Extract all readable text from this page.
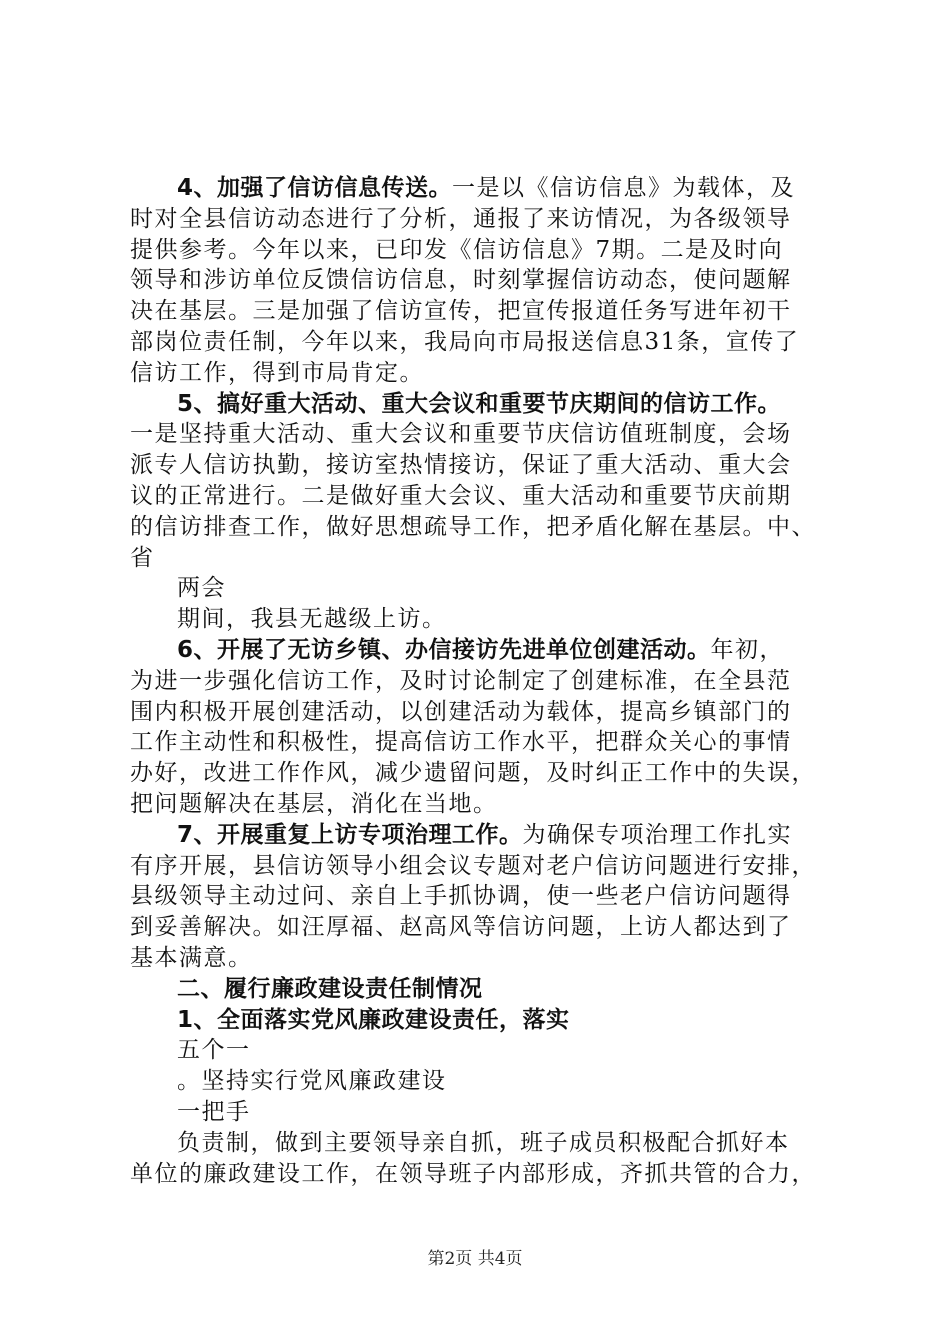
4、加强了信访信息传送。一是以《信访信息》为载体，及
时对全县信访动态进行了分析，通报了来访情况，为各级领导
提供参考。今年以来，已印发《信访信息》7期。二是及时向
领导和涉访单位反馈信访信息，时刻掌握信访动态，使问题解
决在基层。三是加强了信访宣传，把宣传报道任务写进年初干
部岗位责任制，今年以来，我局向市局报送信息31条，宣传了
信访工作，得到市局肯定。
5、搞好重大活动、重大会议和重要节庆期间的信访工作。
一是坚持重大活动、重大会议和重要节庆信访值班制度，会场
派专人信访执勤，接访室热情接访，保证了重大活动、重大会
议的正常进行。二是做好重大会议、重大活动和重要节庆前期
的信访排查工作，做好思想疏导工作，把矛盾化解在基层。中、
省
两会
期间，我县无越级上访。
6、开展了无访乡镇、办信接访先进单位创建活动。年初，
为进一步强化信访工作，及时讨论制定了创建标准，在全县范
围内积极开展创建活动，以创建活动为载体，提高乡镇部门的
工作主动性和积极性，提高信访工作水平，把群众关心的事情
办好，改进工作作风，减少遗留问题，及时纠正工作中的失误，
把问题解决在基层，消化在当地。
7、开展重复上访专项治理工作。为确保专项治理工作扎实
有序开展，县信访领导小组会议专题对老户信访问题进行安排，
县级领导主动过问、亲自上手抓协调，使一些老户信访问题得
到妥善解决。如汪厚福、赵高风等信访问题，上访人都达到了
基本满意。
二、履行廉政建设责任制情况
1、全面落实党风廉政建设责任，落实
五个一
。坚持实行党风廉政建设
一把手
负责制，做到主要领导亲自抓，班子成员积极配合抓好本
单位的廉政建设工作，在领导班子内部形成，齐抓共管的合力，
第2页 共4页
